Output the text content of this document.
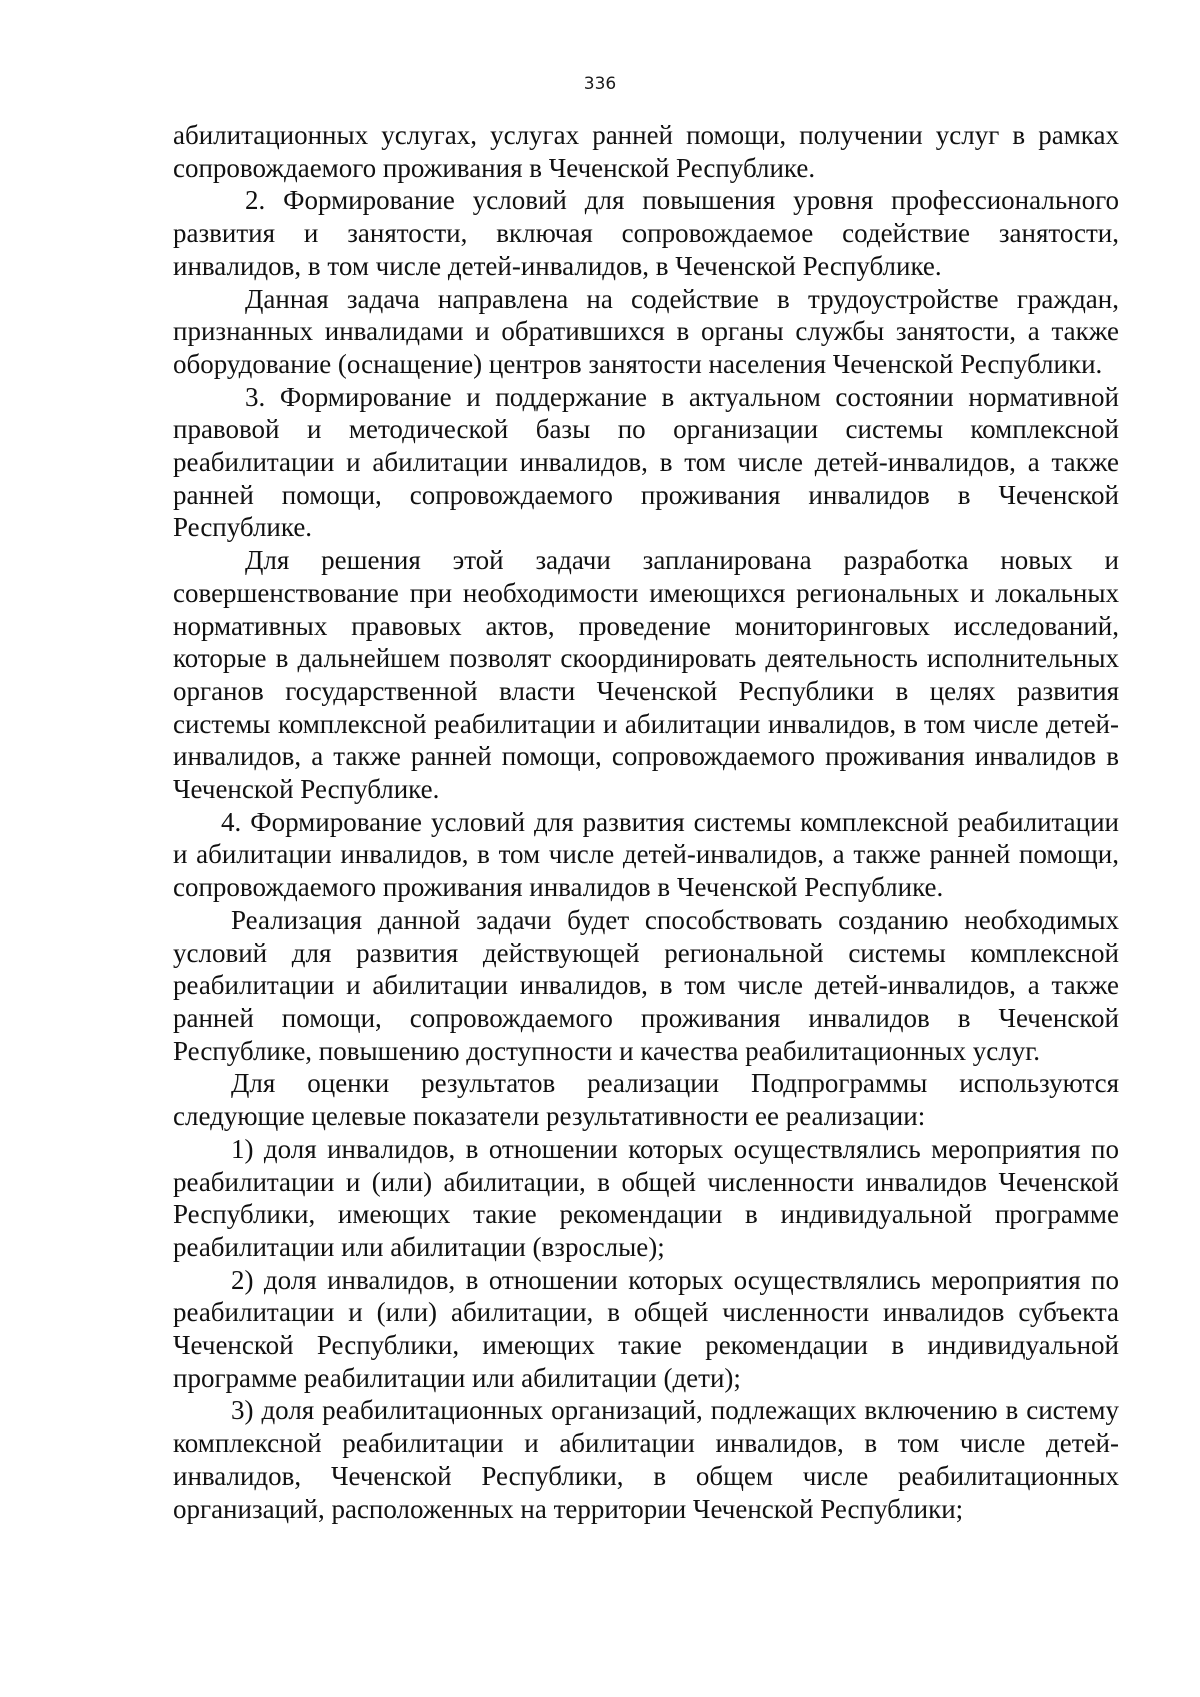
336

абилитационных услугах, услугах ранней помощи, получении услуг в рамках сопровождаемого проживания в Чеченской Республике.

2. Формирование условий для повышения уровня профессионального развития и занятости, включая сопровождаемое содействие занятости, инвалидов, в том числе детей-инвалидов, в Чеченской Республике.

Данная задача направлена на содействие в трудоустройстве граждан, признанных инвалидами и обратившихся в органы службы занятости, а также оборудование (оснащение) центров занятости населения Чеченской Республики.

3. Формирование и поддержание в актуальном состоянии нормативной правовой и методической базы по организации системы комплексной реабилитации и абилитации инвалидов, в том числе детей-инвалидов, а также ранней помощи, сопровождаемого проживания инвалидов в Чеченской Республике.

Для решения этой задачи запланирована разработка новых и совершенствование при необходимости имеющихся региональных и локальных нормативных правовых актов, проведение мониторинговых исследований, которые в дальнейшем позволят скоординировать деятельность исполнительных органов государственной власти Чеченской Республики в целях развития системы комплексной реабилитации и абилитации инвалидов, в том числе детей-инвалидов, а также ранней помощи, сопровождаемого проживания инвалидов в Чеченской Республике.

4. Формирование условий для развития системы комплексной реабилитации и абилитации инвалидов, в том числе детей-инвалидов, а также ранней помощи, сопровождаемого проживания инвалидов в Чеченской Республике.

Реализация данной задачи будет способствовать созданию необходимых условий для развития действующей региональной системы комплексной реабилитации и абилитации инвалидов, в том числе детей-инвалидов, а также ранней помощи, сопровождаемого проживания инвалидов в Чеченской Республике, повышению доступности и качества реабилитационных услуг.

Для оценки результатов реализации Подпрограммы используются следующие целевые показатели результативности ее реализации:

1) доля инвалидов, в отношении которых осуществлялись мероприятия по реабилитации и (или) абилитации, в общей численности инвалидов Чеченской Республики, имеющих такие рекомендации в индивидуальной программе реабилитации или абилитации (взрослые);

2) доля инвалидов, в отношении которых осуществлялись мероприятия по реабилитации и (или) абилитации, в общей численности инвалидов субъекта Чеченской Республики, имеющих такие рекомендации в индивидуальной программе реабилитации или абилитации (дети);

3) доля реабилитационных организаций, подлежащих включению в систему комплексной реабилитации и абилитации инвалидов, в том числе детей-инвалидов, Чеченской Республики, в общем числе реабилитационных организаций, расположенных на территории Чеченской Республики;
